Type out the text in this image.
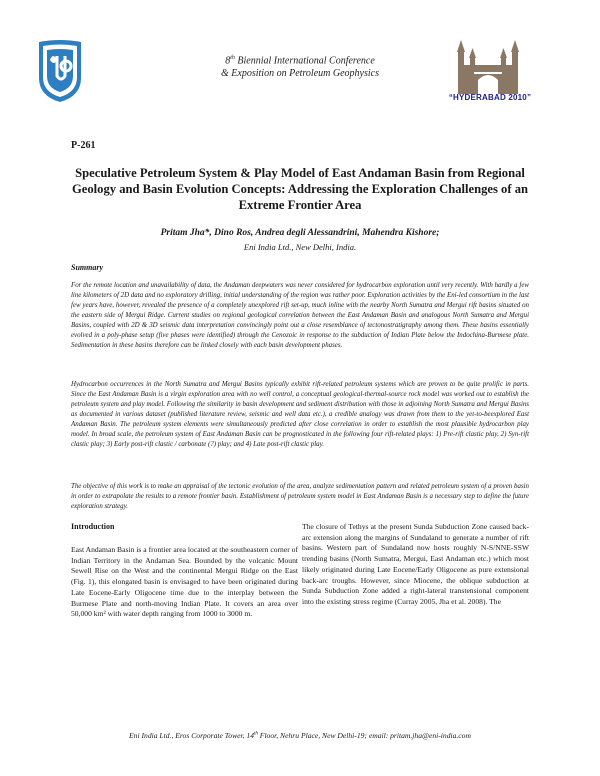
8th Biennial International Conference
& Exposition on Petroleum Geophysics
“HYDERABAD 2010”
P-261
Speculative Petroleum System & Play Model of East Andaman Basin from Regional Geology and Basin Evolution Concepts: Addressing the Exploration Challenges of an Extreme Frontier Area
Pritam Jha*, Dino Ros, Andrea degli Alessandrini, Mahendra Kishore;
Eni India Ltd., New Delhi, India.
Summary
For the remote location and unavailability of data, the Andaman deepwaters was never considered for hydrocarbon exploration until very recently. With hardly a few line kilometers of 2D data and no exploratory drilling, initial understanding of the region was rather poor. Exploration activities by the Eni-led consortium in the last few years have, however, revealed the presence of a completely unexplored rift set-up, much inline with the nearby North Sumatra and Mergui rift basins situated on the eastern side of Mergui Ridge. Current studies on regional geological correlation between the East Andaman Basin and analogous North Sumatra and Mergui Basins, coupled with 2D & 3D seismic data interpretation convincingly point out a close resemblance of tectonostratigraphy among them. These basins essentially evolved in a poly-phase setup (five phases were identified) through the Cenozoic in response to the subduction of Indian Plate below the Indochina-Burmese plate. Sedimentation in these basins therefore can be linked closely with each basin development phases.
Hydrocarbon occurrences in the North Sumatra and Mergui Basins typically exhibit rift-related petroleum systems which are proven to be quite prolific in parts. Since the East Andaman Basin is a virgin exploration area with no well control, a conceptual geological-thermal-source rock model was worked out to establish the petroleum system and play model. Following the similarity in basin development and sediment distribution with those in adjoining North Sumatra and Mergui Basins as documented in various dataset (published literature review, seismic and well data etc.), a credible analogy was drawn from them to the yet-to-beexplored East Andaman Basin. The petroleum system elements were simultaneously predicted after close correlation in order to establish the most plausible hydrocarbon play model. In broad scale, the petroleum system of East Andaman Basin can be prognosticated in the following four rift-related plays: 1) Pre-rift clastic play, 2) Syn-rift clastic play; 3) Early post-rift clastic / carbonate (?) play; and 4) Late post-rift clastic play.
The objective of this work is to make an appraisal of the tectonic evolution of the area, analyze sedimentation pattern and related petroleum system of a proven basin in order to extrapolate the results to a remote frontier basin. Establishment of petroleum system model in East Andaman Basin is a necessary step to define the future exploration strategy.
Introduction
East Andaman Basin is a frontier area located at the southeastern corner of Indian Territory in the Andaman Sea. Bounded by the volcanic Mount Sewell Rise on the West and the continental Mergui Ridge on the East (Fig. 1), this elongated basin is envisaged to have been originated during Late Eocene-Early Oligocene time due to the interplay between the Burmese Plate and north-moving Indian Plate. It covers an area over 50,000 km² with water depth ranging from 1000 to 3000 m.
The closure of Tethys at the present Sunda Subduction Zone caused back-arc extension along the margins of Sundaland to generate a number of rift basins. Western part of Sundaland now hosts roughly N-S/NNE-SSW trending basins (North Sumatra, Mergui, East Andaman etc.) which most likely originated during Late Eocene/Early Oligocene as pure extensional back-arc troughs. However, since Miocene, the oblique subduction at Sunda Subduction Zone added a right-lateral transtensional component into the existing stress regime (Curray 2005, Jha et al. 2008). The
Eni India Ltd., Eros Corporate Tower, 14th Floor, Nehru Place, New Delhi-19; email: pritam.jha@eni-india.com
